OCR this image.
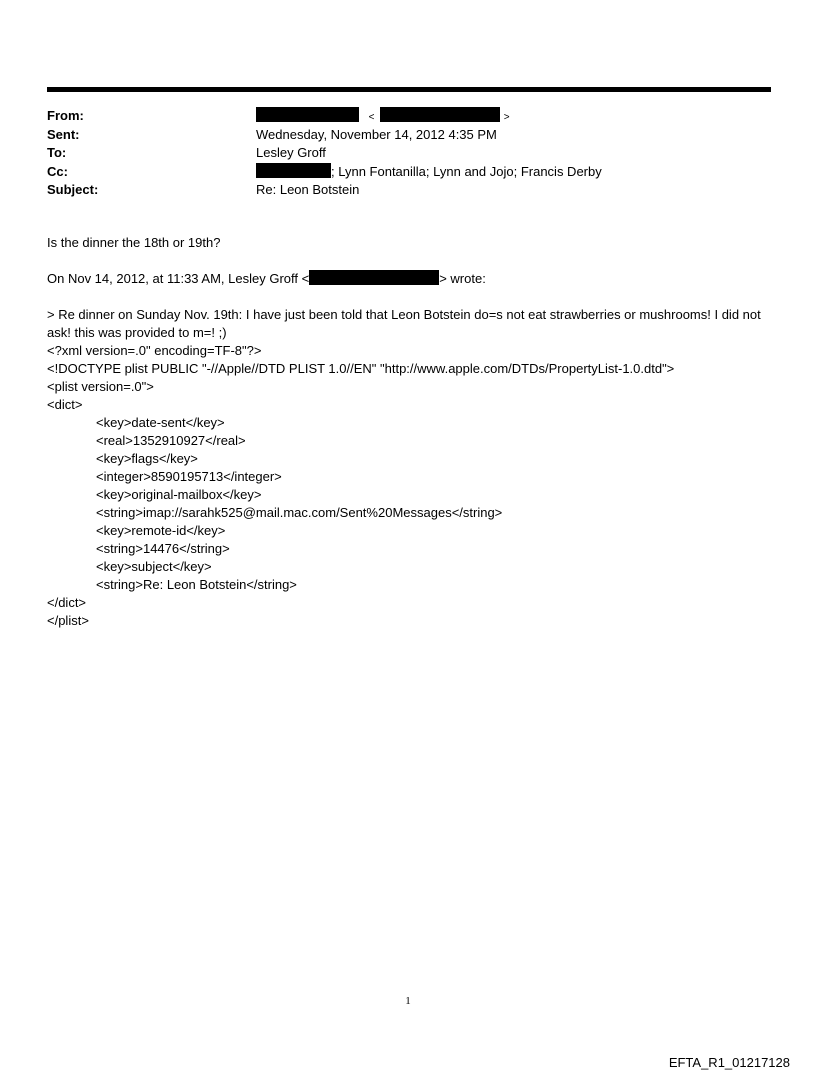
From:	<	>
Sent:	Wednesday, November 14, 2012 4:35 PM
To:	Lesley Groff
Cc:	; Lynn Fontanilla; Lynn and Jojo; Francis Derby
Subject:	Re: Leon Botstein
Is the dinner the 18th or 19th?
On Nov 14, 2012, at 11:33 AM, Lesley Groff <	> wrote:
> Re dinner on Sunday Nov. 19th: I have just been told that Leon Botstein do=s not eat strawberries or mushrooms! I did not ask! this was provided to m=! ;)
<?xml version=.0" encoding=TF-8"?>
<!DOCTYPE plist PUBLIC "-//Apple//DTD PLIST 1.0//EN" "http://www.apple.com/DTDs/PropertyList-1.0.dtd">
<plist version=.0">
<dict>
<key>date-sent</key>
<real>1352910927</real>
<key>flags</key>
<integer>8590195713</integer>
<key>original-mailbox</key>
<string>imap://sarahk525@mail.mac.com/Sent%20Messages</string>
<key>remote-id</key>
<string>14476</string>
<key>subject</key>
<string>Re: Leon Botstein</string>
</dict>
</plist>
1
EFTA_R1_01217128
